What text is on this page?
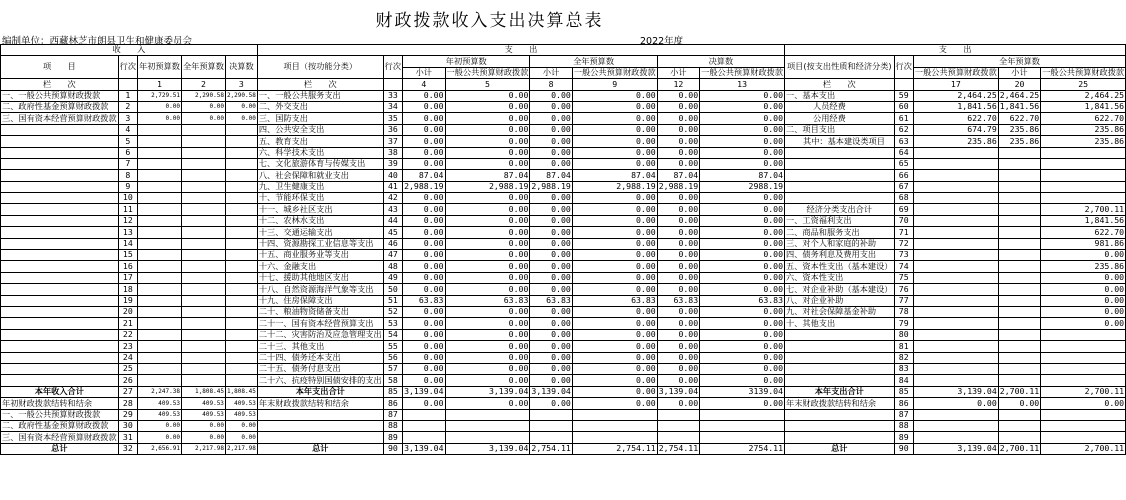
财政拨款收入支出决算总表
编制单位：西藏林芝市朗县卫生和健康委员会	2022年度
收　　入					支　　出								支　　出				
项　　目	行次	年初预算数	全年预算数	决算数	项目（按功能分类）	行次	年初预算数		全年预算数		决算数		项目(按支出性质和经济分类)	行次	全年预算数		
							小计	一般公共预算财政拨款	小计	一般公共预算财政拨款	小计	一般公共预算财政拨款			一般公共预算财政拨款	小计	一般公共预算财政拨款

栏　　次		1	2	3	栏　　次		4	5	8	9	12	13	栏　　次		17	20	25
一、一般公共预算财政拨款	1	2,729.51	2,290.58	2,290.58	一、一般公共服务支出	33	0.00	0.00	0.00	0.00	0.00	0.00	一、基本支出	59	2,464.25	2,464.25	2,464.25
二、政府性基金预算财政拨款	2	0.00	0.00	0.00	二、外交支出	34	0.00	0.00	0.00	0.00	0.00	0.00	人员经费	60	1,841.56	1,841.56	1,841.56
三、国有资本经营预算财政拨款	3	0.00	0.00	0.00	三、国防支出	35	0.00	0.00	0.00	0.00	0.00	0.00	公用经费	61	622.70	622.70	622.70
	4				四、公共安全支出	36	0.00	0.00	0.00	0.00	0.00	0.00	二、项目支出	62	674.79	235.86	235.86
	5				五、教育支出	37	0.00	0.00	0.00	0.00	0.00	0.00	其中：基本建设类项目	63	235.86	235.86	235.86
	6				六、科学技术支出	38	0.00	0.00	0.00	0.00	0.00	0.00		64			
	7				七、文化旅游体育与传媒支出	39	0.00	0.00	0.00	0.00	0.00	0.00		65			
	8				八、社会保障和就业支出	40	87.04	87.04	87.04	87.04	87.04	87.04		66			
	9				九、卫生健康支出	41	2,988.19	2,988.19	2,988.19	2,988.19	2,988.19	2988.19		67			
	10				十、节能环保支出	42	0.00	0.00	0.00	0.00	0.00	0.00		68			
	11				十一、城乡社区支出	43	0.00	0.00	0.00	0.00	0.00	0.00	经济分类支出合计	69			2,700.11
	12				十二、农林水支出	44	0.00	0.00	0.00	0.00	0.00	0.00	一、工资福利支出	70			1,841.56
	13				十三、交通运输支出	45	0.00	0.00	0.00	0.00	0.00	0.00	二、商品和服务支出	71			622.70
	14				十四、资源勘探工业信息等支出	46	0.00	0.00	0.00	0.00	0.00	0.00	三、对个人和家庭的补助	72			981.86
	15				十五、商业服务业等支出	47	0.00	0.00	0.00	0.00	0.00	0.00	四、债务利息及费用支出	73			0.00
	16				十六、金融支出	48	0.00	0.00	0.00	0.00	0.00	0.00	五、资本性支出（基本建设）	74			235.86
	17				十七、援助其他地区支出	49	0.00	0.00	0.00	0.00	0.00	0.00	六、资本性支出	75			0.00
	18				十八、自然资源海洋气象等支出	50	0.00	0.00	0.00	0.00	0.00	0.00	七、对企业补助（基本建设）	76			0.00
	19				十九、住房保障支出	51	63.83	63.83	63.83	63.83	63.83	63.83	八、对企业补助	77			0.00
	20				二十、粮油物资储备支出	52	0.00	0.00	0.00	0.00	0.00	0.00	九、对社会保障基金补助	78			0.00
	21				二十一、国有资本经营预算支出	53	0.00	0.00	0.00	0.00	0.00	0.00	十、其他支出	79			0.00
	22				二十二、灾害防治及应急管理支出	54	0.00	0.00	0.00	0.00	0.00	0.00		80			
	23				二十三、其他支出	55	0.00	0.00	0.00	0.00	0.00	0.00		81			
	24				二十四、债务还本支出	56	0.00	0.00	0.00	0.00	0.00	0.00		82			
	25				二十五、债务付息支出	57	0.00	0.00	0.00	0.00	0.00	0.00		83			
	26				二十六、抗疫特别国债安排的支出	58	0.00	0.00	0.00	0.00	0.00	0.00		84			
本年收入合计	27	2,247.38	1,808.45	1,808.45	本年支出合计	85	3,139.04	3,139.04	3,139.04	0.00	3,139.04	3139.04	本年支出合计	85	3,139.04	2,700.11	2,700.11
年初财政拨款结转和结余	28	409.53	409.53	409.53	年末财政拨款结转和结余	86	0.00	0.00	0.00	0.00	0.00	0.00	年末财政拨款结转和结余	86	0.00	0.00	0.00
一、一般公共预算财政拨款	29	409.53	409.53	409.53		87								87			
二、政府性基金预算财政拨款	30	0.00	0.00	0.00		88								88			
三、国有资本经营预算财政拨款	31	0.00	0.00	0.00		89								89			
总计	32	2,656.91	2,217.98	2,217.98	总计	90	3,139.04	3,139.04	2,754.11	2,754.11	2,754.11	2754.11	总计	90	3,139.04	2,700.11	2,700.11
